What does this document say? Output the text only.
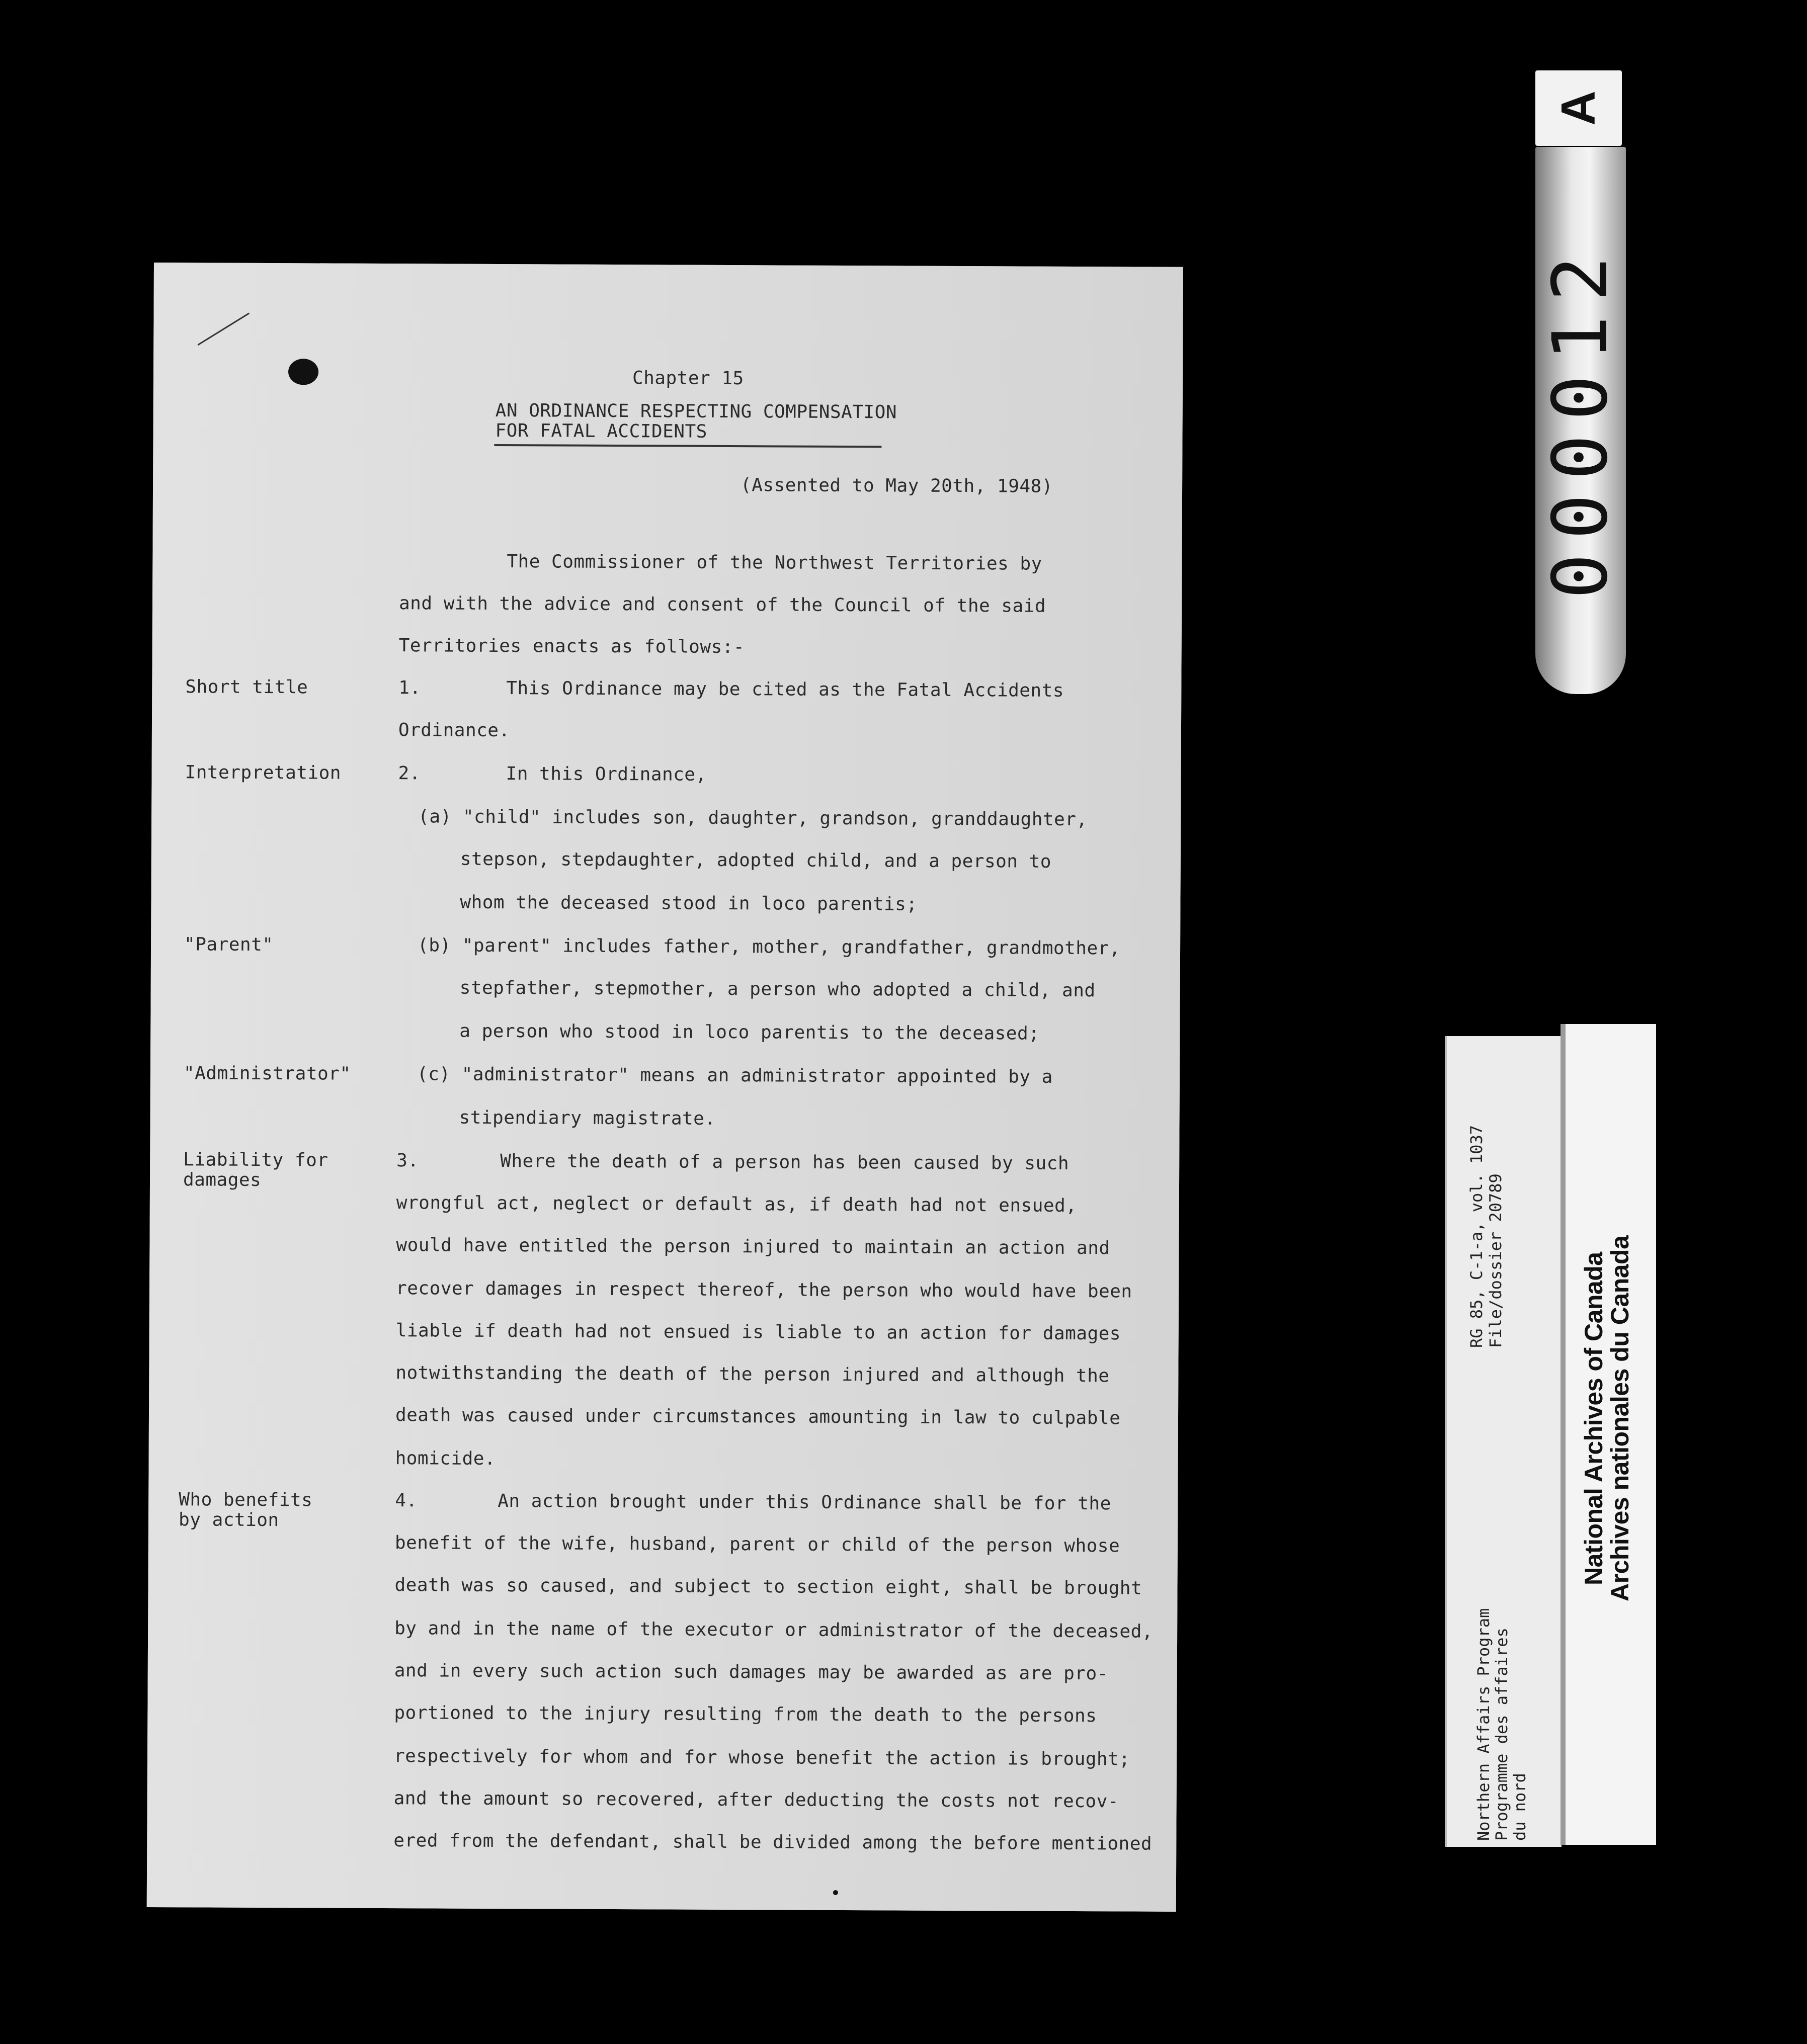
Chapter 15
AN ORDINANCE RESPECTING COMPENSATION
FOR FATAL ACCIDENTS
(Assented to May 20th, 1948)
The Commissioner of the Northwest Territories by
and with the advice and consent of the Council of the said
Territories enacts as follows:-
Short title	1.	This Ordinance may be cited as the Fatal Accidents
Ordinance.
Interpretation	2.	In this Ordinance,
(a) "child" includes son, daughter, grandson, granddaughter,
stepson, stepdaughter, adopted child, and a person to
whom the deceased stood in loco parentis;
"Parent"	(b) "parent" includes father, mother, grandfather, grandmother,
stepfather, stepmother, a person who adopted a child, and
a person who stood in loco parentis to the deceased;
"Administrator"	(c) "administrator" means an administrator appointed by a
stipendiary magistrate.
Liability for
damages
3.	Where the death of a person has been caused by such
wrongful act, neglect or default as, if death had not ensued,
would have entitled the person injured to maintain an action and
recover damages in respect thereof, the person who would have been
liable if death had not ensued is liable to an action for damages
notwithstanding the death of the person injured and although the
death was caused under circumstances amounting in law to culpable
homicide.
Who benefits
by action
4.	An action brought under this Ordinance shall be for the
benefit of the wife, husband, parent or child of the person whose
death was so caused, and subject to section eight, shall be brought
by and in the name of the executor or administrator of the deceased,
and in every such action such damages may be awarded as are pro-
portioned to the injury resulting from the death to the persons
respectively for whom and for whose benefit the action is brought;
and the amount so recovered, after deducting the costs not recov-
ered from the defendant, shall be divided among the before mentioned
A
000012
RG 85, C-1-a, vol. 1037 File/dossier 20789
Northern Affairs Program
Programme des affaires
du nord
National Archives of Canada
Archives nationales du Canada
